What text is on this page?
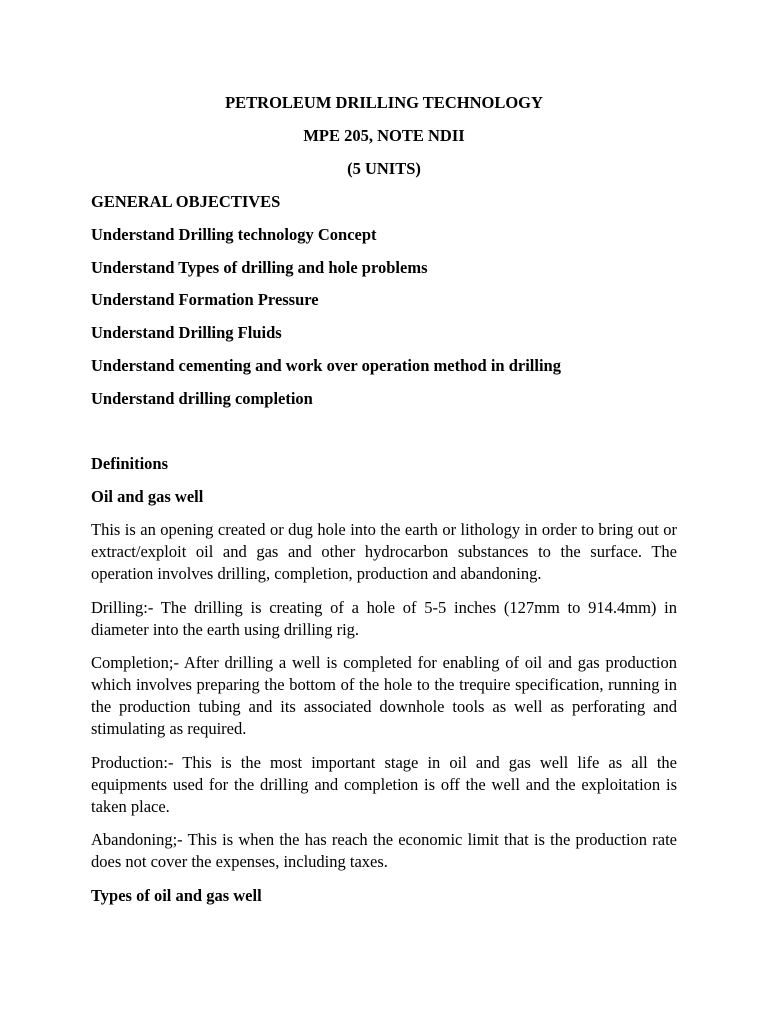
PETROLEUM DRILLING TECHNOLOGY

MPE 205, NOTE NDII

(5 UNITS)

GENERAL OBJECTIVES

Understand Drilling technology Concept

Understand Types of drilling and hole problems

Understand Formation Pressure

Understand Drilling Fluids

Understand cementing and work over operation method in drilling

Understand drilling completion

Definitions

Oil and gas well

This is an opening created or dug hole into the earth or lithology in order to bring out or extract/exploit oil and gas and other hydrocarbon substances to the surface. The operation involves drilling, completion, production and abandoning.

Drilling:- The drilling is creating of a hole of 5-5 inches (127mm to 914.4mm) in diameter into the earth using drilling rig.

Completion;- After drilling a well is completed for enabling of oil and gas production which involves preparing the bottom of the hole to the trequire specification, running in the production tubing and its associated downhole tools as well as perforating and stimulating as required.

Production:- This is the most important stage in oil and gas well life as all the equipments used for the drilling and completion is off the well and the exploitation is taken place.

Abandoning;- This is when the has reach the economic limit that is the production rate does not cover the expenses, including taxes.

Types of oil and gas well
